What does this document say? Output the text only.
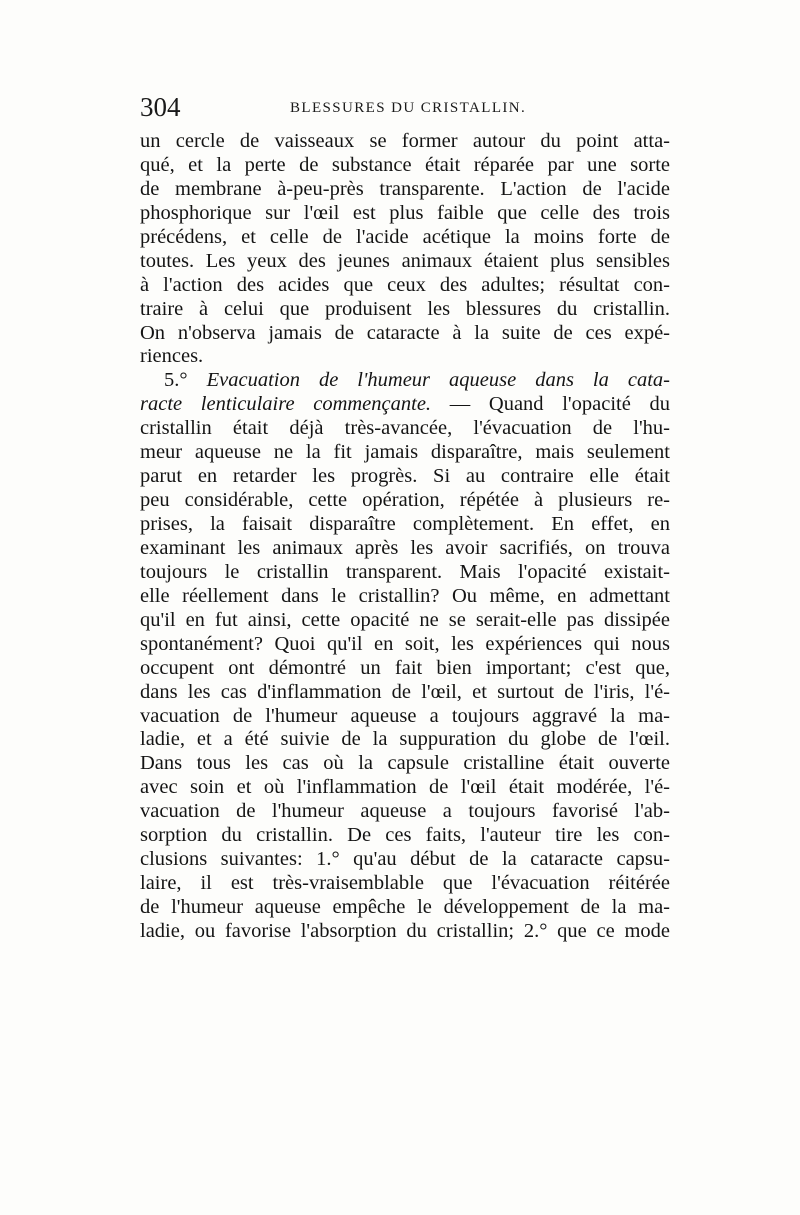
304	BLESSURES DU CRISTALLIN.
un cercle de vaisseaux se former autour du point atta-
qué, et la perte de substance était réparée par une sorte
de membrane à-peu-près transparente. L'action de l'acide
phosphorique sur l'œil est plus faible que celle des trois
précédens, et celle de l'acide acétique la moins forte de
toutes. Les yeux des jeunes animaux étaient plus sensibles
à l'action des acides que ceux des adultes; résultat con-
traire à celui que produisent les blessures du cristallin.
On n'observa jamais de cataracte à la suite de ces expé-
riences.
5.° Evacuation de l'humeur aqueuse dans la cata-
racte lenticulaire commençante. — Quand l'opacité du
cristallin était déjà très-avancée, l'évacuation de l'hu-
meur aqueuse ne la fit jamais disparaître, mais seulement
parut en retarder les progrès. Si au contraire elle était
peu considérable, cette opération, répétée à plusieurs re-
prises, la faisait disparaître complètement. En effet, en
examinant les animaux après les avoir sacrifiés, on trouva
toujours le cristallin transparent. Mais l'opacité existait-
elle réellement dans le cristallin? Ou même, en admettant
qu'il en fut ainsi, cette opacité ne se serait-elle pas dissipée
spontanément? Quoi qu'il en soit, les expériences qui nous
occupent ont démontré un fait bien important; c'est que,
dans les cas d'inflammation de l'œil, et surtout de l'iris, l'é-
vacuation de l'humeur aqueuse a toujours aggravé la ma-
ladie, et a été suivie de la suppuration du globe de l'œil.
Dans tous les cas où la capsule cristalline était ouverte
avec soin et où l'inflammation de l'œil était modérée, l'é-
vacuation de l'humeur aqueuse a toujours favorisé l'ab-
sorption du cristallin. De ces faits, l'auteur tire les con-
clusions suivantes: 1.° qu'au début de la cataracte capsu-
laire, il est très-vraisemblable que l'évacuation réitérée
de l'humeur aqueuse empêche le développement de la ma-
ladie, ou favorise l'absorption du cristallin; 2.° que ce mode
